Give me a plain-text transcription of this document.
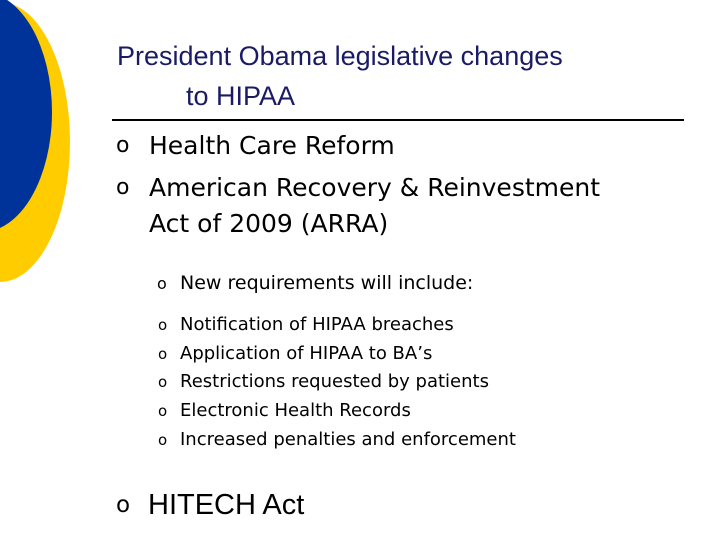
President Obama legislative changes
to HIPAA
o Health Care Reform
o American Recovery & Reinvestment
Act of 2009 (ARRA)
o New requirements will include:
o Notification of HIPAA breaches
o Application of HIPAA to BA’s
o Restrictions requested by patients
o Electronic Health Records
o Increased penalties and enforcement
o HITECH Act
